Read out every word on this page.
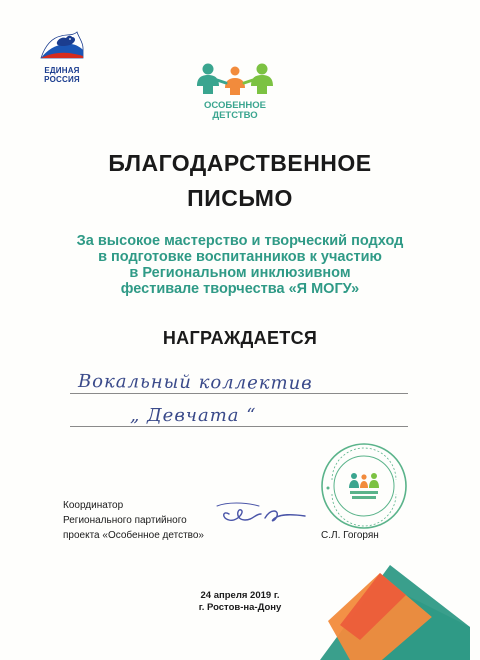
ЕДИНАЯ
РОССИЯ
ОСОБЕННОЕ
ДЕТСТВО
БЛАГОДАРСТВЕННОЕ
ПИСЬМО
За высокое мастерство и творческий подход
в подготовке воспитанников к участию
в Региональном инклюзивном
фестивале творчества «Я МОГУ»
НАГРАЖДАЕТСЯ
Вокальный коллектив
„ Девчата “
Координатор
Регионального партийного
проекта «Особенное детство»	С.Л. Гогорян
24 апреля 2019 г.
г. Ростов-на-Дону
